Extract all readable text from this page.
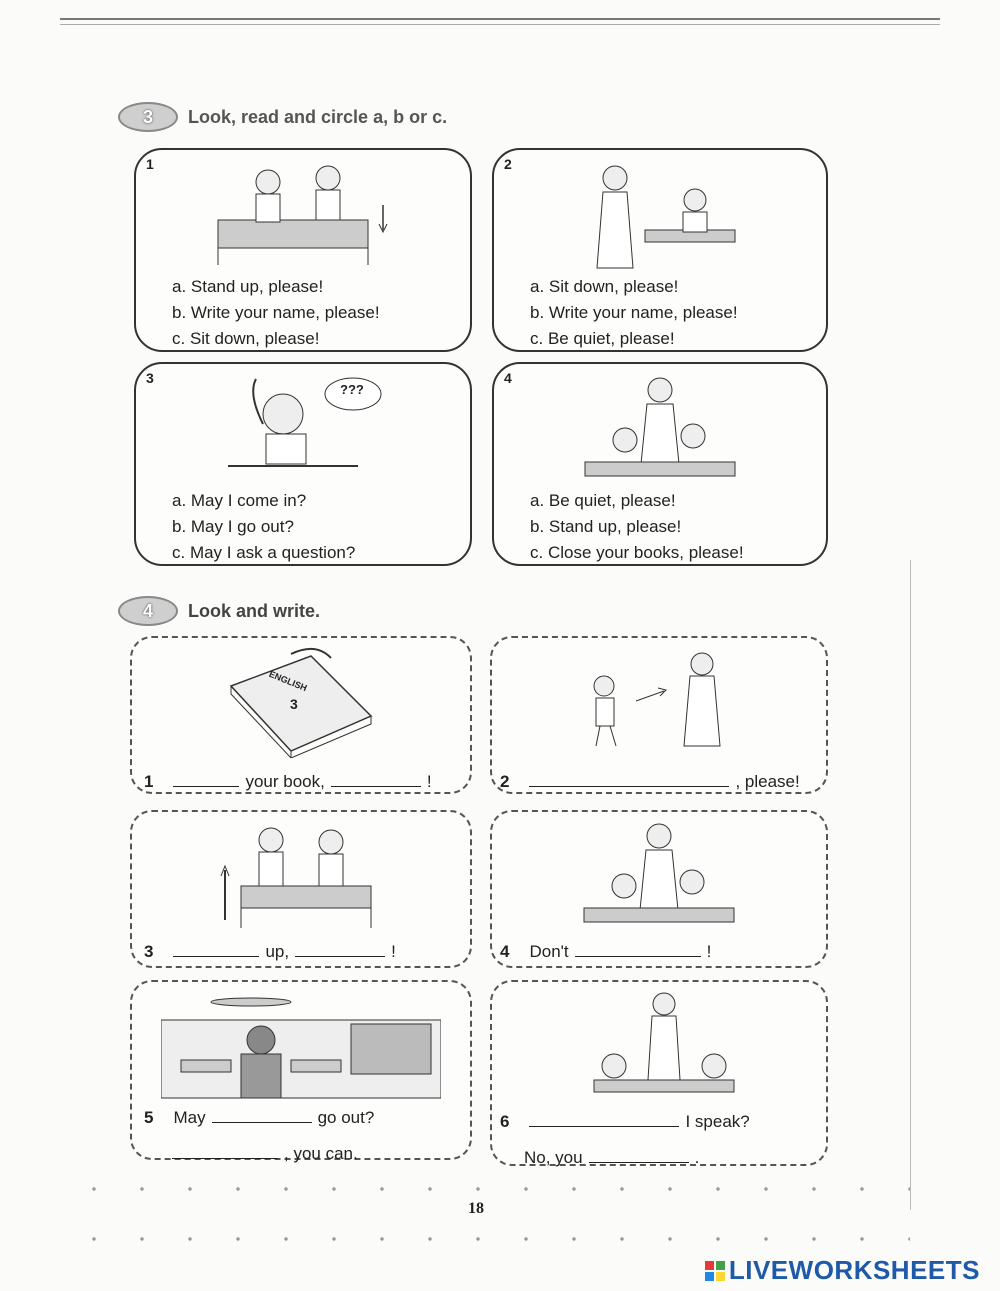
3	Look, read and circle a, b or c.
1
a. Stand up, please!
b. Write your name, please!
c. Sit down, please!
2
a. Sit down, please!
b. Write your name, please!
c. Be quiet, please!
3
???
a. May I come in?
b. May I go out?
c. May I ask a question?
4
a. Be quiet, please!
b. Stand up, please!
c. Close your books, please!
4	Look and write.
ENGLISH
3
1	your book,	!	2	, please!
3	up,	!	4 Don't	!
5 May	go out?
, you can.
6	I speak?
No, you	.
18
LIVEWORKSHEETS
